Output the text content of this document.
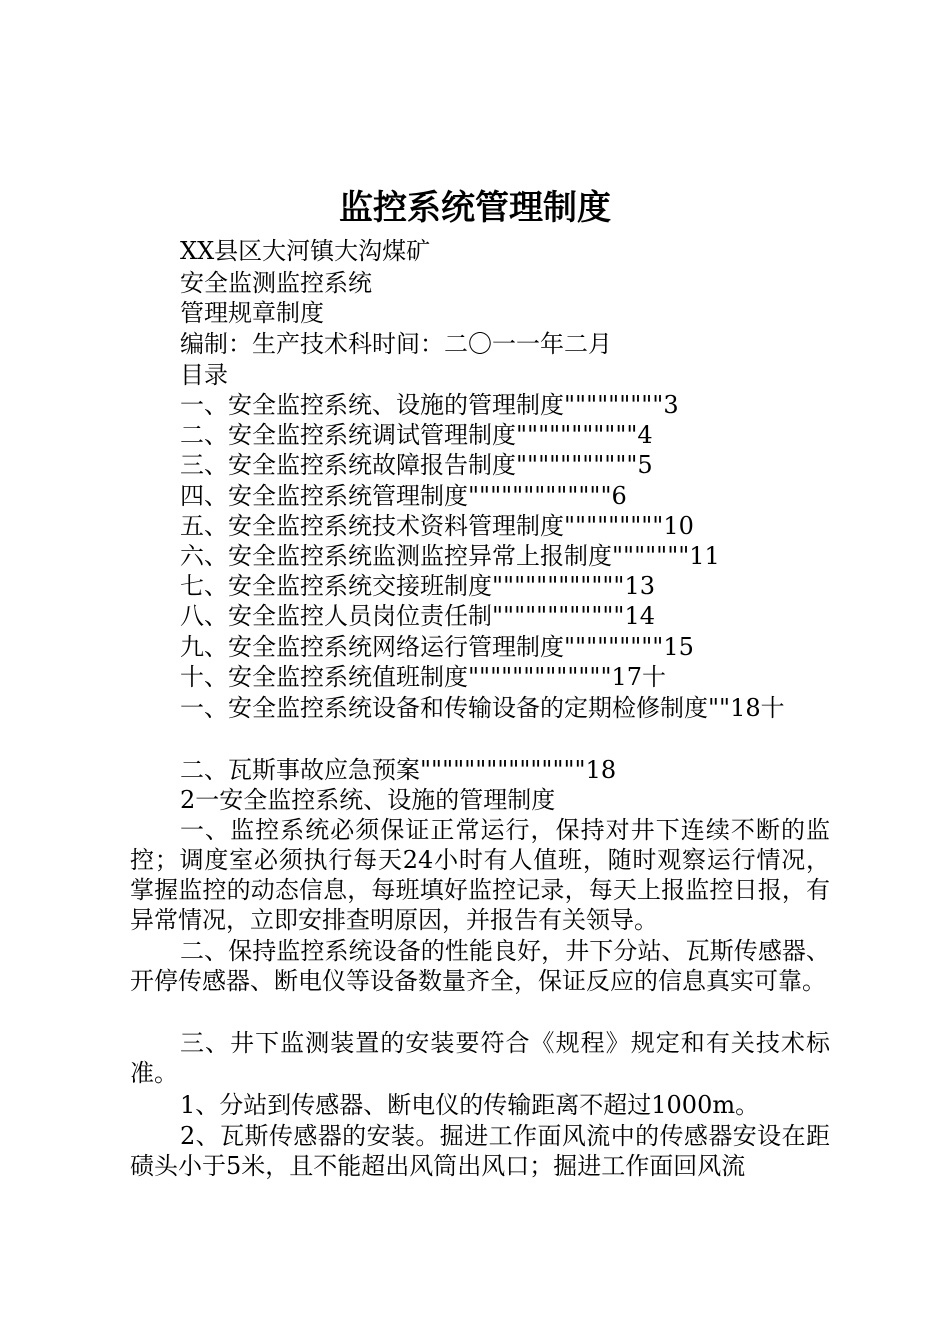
监控系统管理制度

XX县区大河镇大沟煤矿

安全监测监控系统

管理规章制度

编制：生产技术科时间：二〇一一年二月

目录

一、安全监控系统、设施的管理制度"""""""""3

二、安全监控系统调试管理制度"""""""""""4

三、安全监控系统故障报告制度"""""""""""5

四、安全监控系统管理制度"""""""""""""6

五、安全监控系统技术资料管理制度"""""""""10

六、安全监控系统监测监控异常上报制度"""""""11

七、安全监控系统交接班制度""""""""""""13

八、安全监控人员岗位责任制""""""""""""14

九、安全监控系统网络运行管理制度"""""""""15

十、安全监控系统值班制度"""""""""""""17十

一、安全监控系统设备和传输设备的定期检修制度""18十

二、瓦斯事故应急预案"""""""""""""""18

2一安全监控系统、设施的管理制度

一、监控系统必须保证正常运行，保持对井下连续不断的监控；调度室必须执行每天24小时有人值班，随时观察运行情况，掌握监控的动态信息，每班填好监控记录，每天上报监控日报，有异常情况，立即安排查明原因，并报告有关领导。

二、保持监控系统设备的性能良好，井下分站、瓦斯传感器、开停传感器、断电仪等设备数量齐全，保证反应的信息真实可靠。

三、井下监测装置的安装要符合《规程》规定和有关技术标准。

1、分站到传感器、断电仪的传输距离不超过1000m。

2、瓦斯传感器的安装。掘进工作面风流中的传感器安设在距碛头小于5米，且不能超出风筒出风口；掘进工作面回风流
